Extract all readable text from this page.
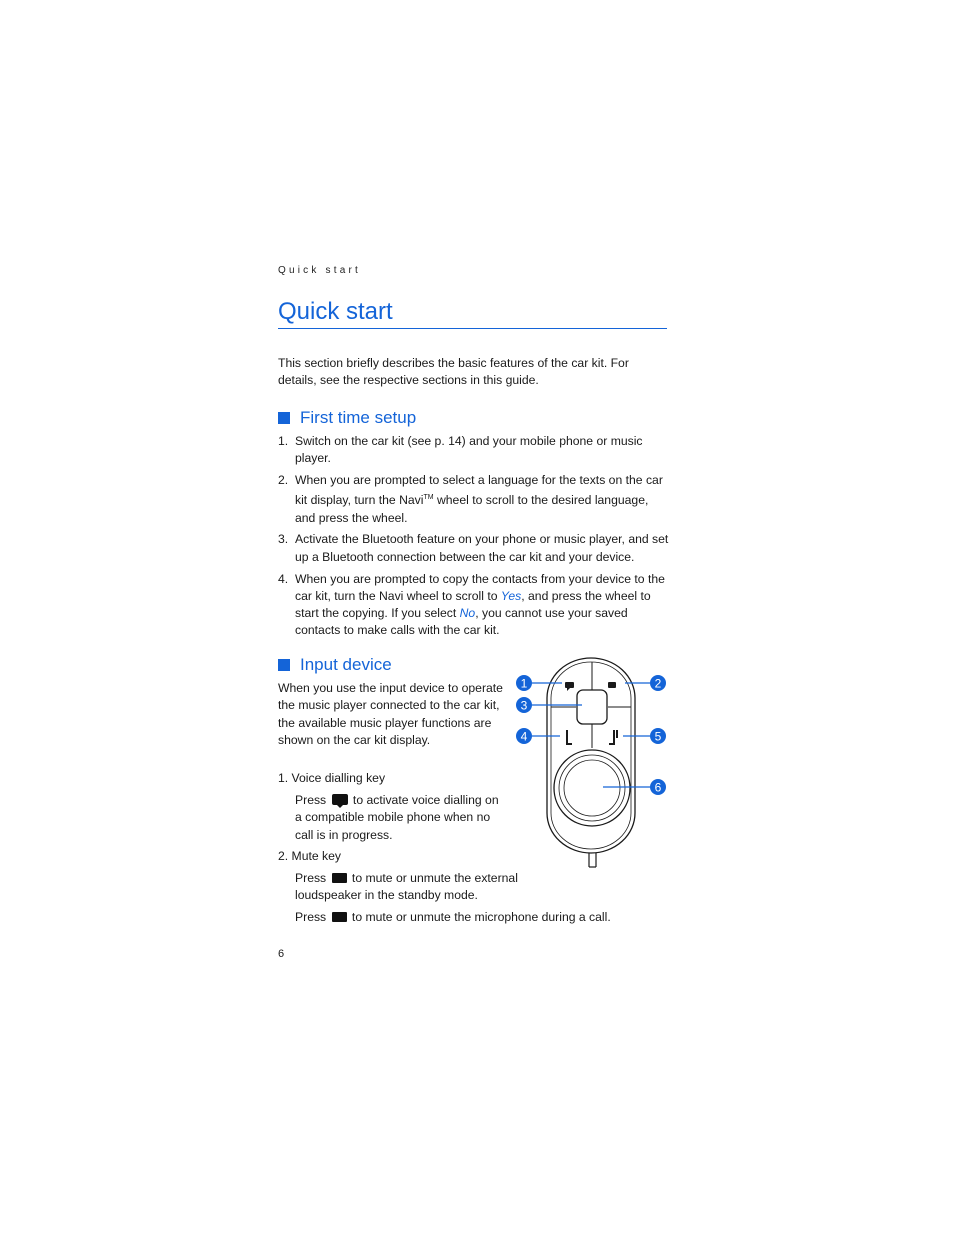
Quick start
Quick start

This section briefly describes the basic features of the car kit. For details, see the respective sections in this guide.

First time setup
1. Switch on the car kit (see p. 14) and your mobile phone or music player.
2. When you are prompted to select a language for the texts on the car kit display, turn the Navi™ wheel to scroll to the desired language, and press the wheel.
3. Activate the Bluetooth feature on your phone or music player, and set up a Bluetooth connection between the car kit and your device.
4. When you are prompted to copy the contacts from your device to the car kit, turn the Navi wheel to scroll to Yes, and press the wheel to start the copying. If you select No, you cannot use your saved contacts to make calls with the car kit.
Input device

When you use the input device to operate the music player connected to the car kit, the available music player functions are shown on the car kit display.

1. Voice dialling key

Press  to activate voice dialling on a compatible mobile phone when no call is in progress.

2. Mute key

Press  to mute or unmute the external loudspeaker in the standby mode.

Press  to mute or unmute the microphone during a call.

1	2
3
4	5
6
6
